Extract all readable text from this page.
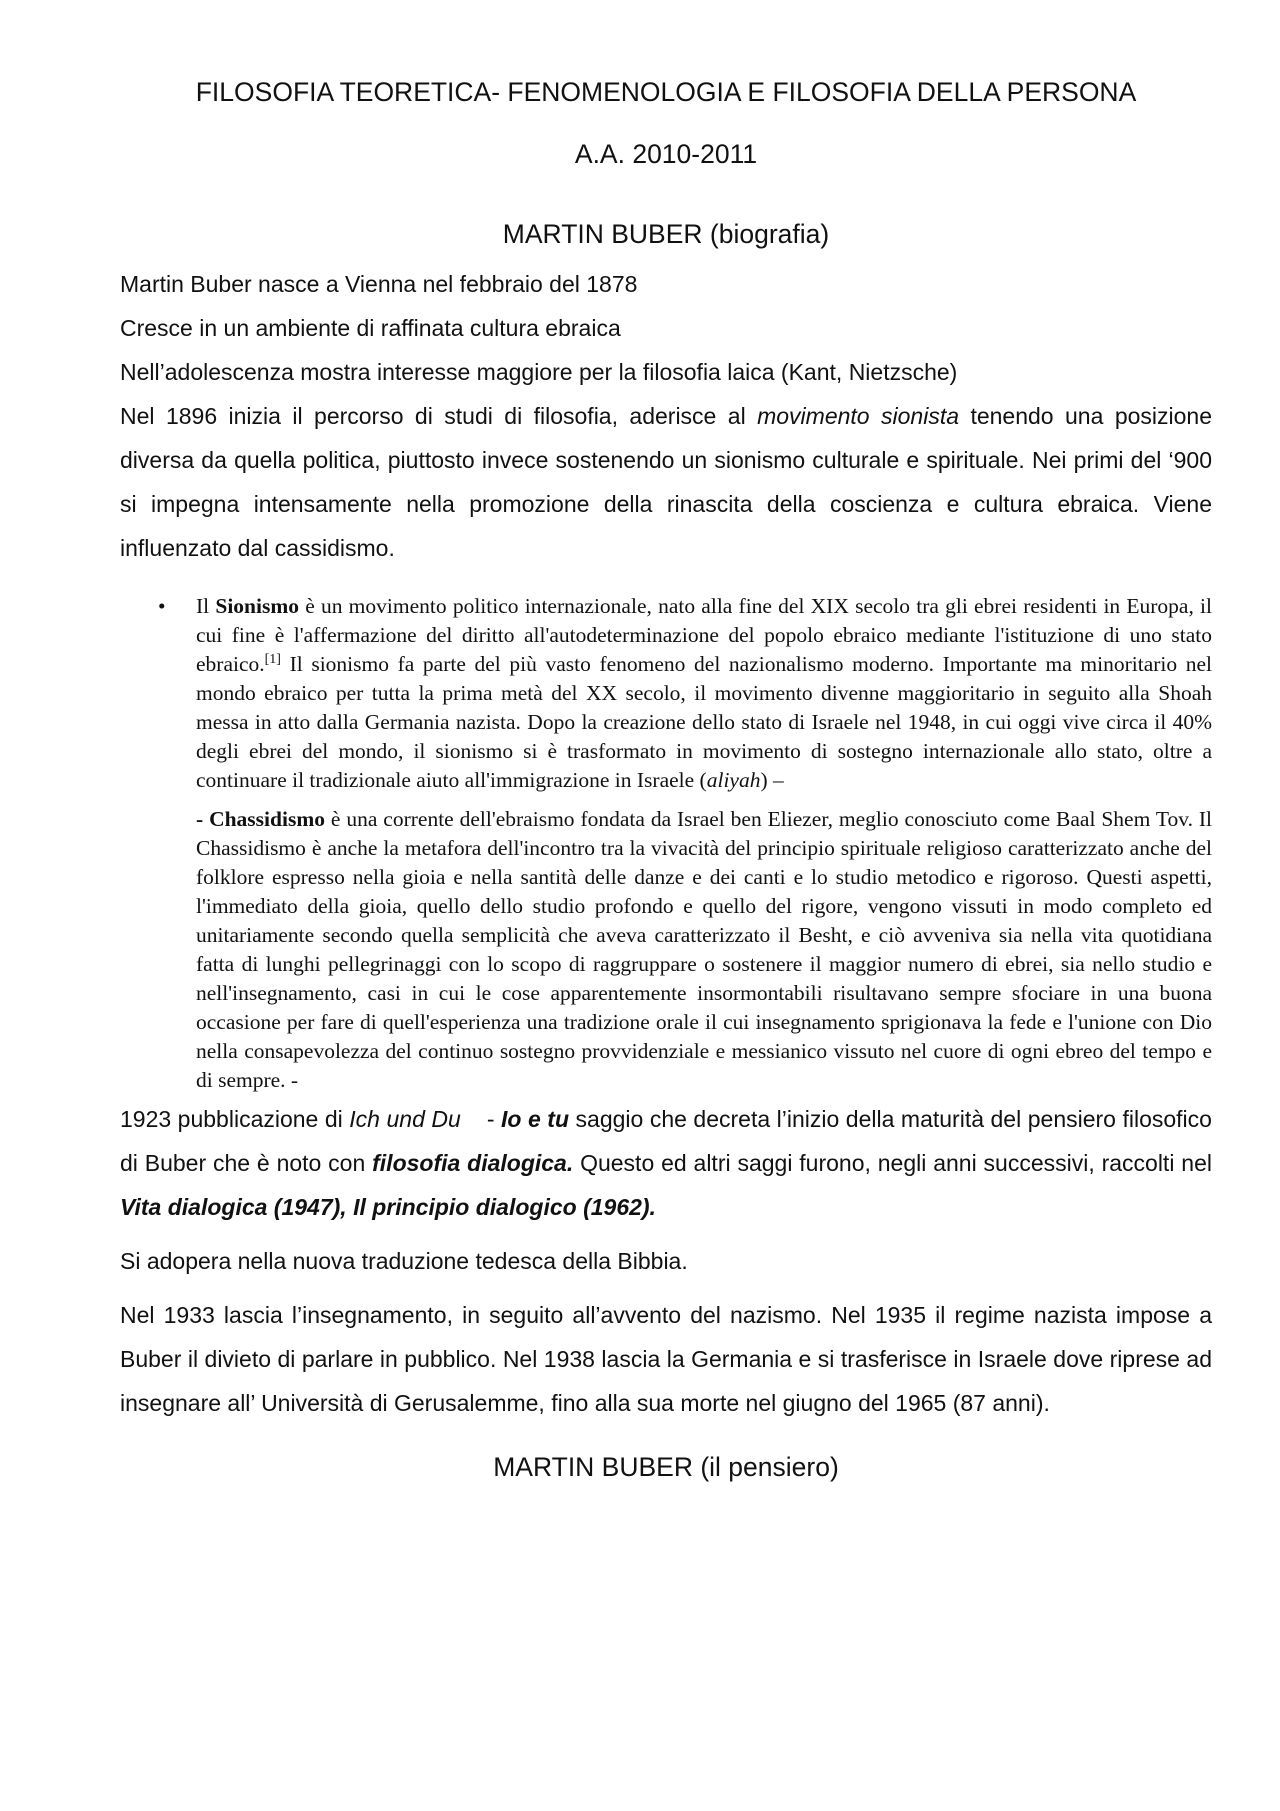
FILOSOFIA TEORETICA- FENOMENOLOGIA E FILOSOFIA DELLA PERSONA

A.A. 2010-2011

MARTIN BUBER (biografia)

Martin Buber nasce a Vienna nel febbraio del 1878

Cresce in un ambiente di raffinata cultura ebraica

Nell’adolescenza mostra interesse maggiore per la filosofia laica (Kant, Nietzsche)

Nel 1896 inizia il percorso di studi di filosofia, aderisce al movimento sionista tenendo una posizione diversa da quella politica, piuttosto invece sostenendo un sionismo culturale e spirituale. Nei primi del ‘900 si impegna intensamente nella promozione della rinascita della coscienza e cultura ebraica. Viene influenzato dal cassidismo.

• Il Sionismo è un movimento politico internazionale, nato alla fine del XIX secolo tra gli ebrei residenti in Europa, il cui fine è l'affermazione del diritto all'autodeterminazione del popolo ebraico mediante l'istituzione di uno stato ebraico.[1] Il sionismo fa parte del più vasto fenomeno del nazionalismo moderno. Importante ma minoritario nel mondo ebraico per tutta la prima metà del XX secolo, il movimento divenne maggioritario in seguito alla Shoah messa in atto dalla Germania nazista. Dopo la creazione dello stato di Israele nel 1948, in cui oggi vive circa il 40% degli ebrei del mondo, il sionismo si è trasformato in movimento di sostegno internazionale allo stato, oltre a continuare il tradizionale aiuto all'immigrazione in Israele (aliyah) –

- Chassidismo è una corrente dell'ebraismo fondata da Israel ben Eliezer, meglio conosciuto come Baal Shem Tov. Il Chassidismo è anche la metafora dell'incontro tra la vivacità del principio spirituale religioso caratterizzato anche del folklore espresso nella gioia e nella santità delle danze e dei canti e lo studio metodico e rigoroso. Questi aspetti, l'immediato della gioia, quello dello studio profondo e quello del rigore, vengono vissuti in modo completo ed unitariamente secondo quella semplicità che aveva caratterizzato il Besht, e ciò avveniva sia nella vita quotidiana fatta di lunghi pellegrinaggi con lo scopo di raggruppare o sostenere il maggior numero di ebrei, sia nello studio e nell'insegnamento, casi in cui le cose apparentemente insormontabili risultavano sempre sfociare in una buona occasione per fare di quell'esperienza una tradizione orale il cui insegnamento sprigionava la fede e l'unione con Dio nella consapevolezza del continuo sostegno provvidenziale e messianico vissuto nel cuore di ogni ebreo del tempo e di sempre. -

1923 pubblicazione di Ich und Du    - Io e tu saggio che decreta l’inizio della maturità del pensiero filosofico di Buber che è noto con filosofia dialogica. Questo ed altri saggi furono, negli anni successivi, raccolti nel Vita dialogica (1947), Il principio dialogico (1962).

Si adopera nella nuova traduzione tedesca della Bibbia.

Nel 1933 lascia l’insegnamento, in seguito all’avvento del nazismo. Nel 1935 il regime nazista impose a Buber il divieto di parlare in pubblico. Nel 1938 lascia la Germania e si trasferisce in Israele dove riprese ad insegnare all’ Università di Gerusalemme, fino alla sua morte nel giugno del 1965 (87 anni).

MARTIN BUBER (il pensiero)
